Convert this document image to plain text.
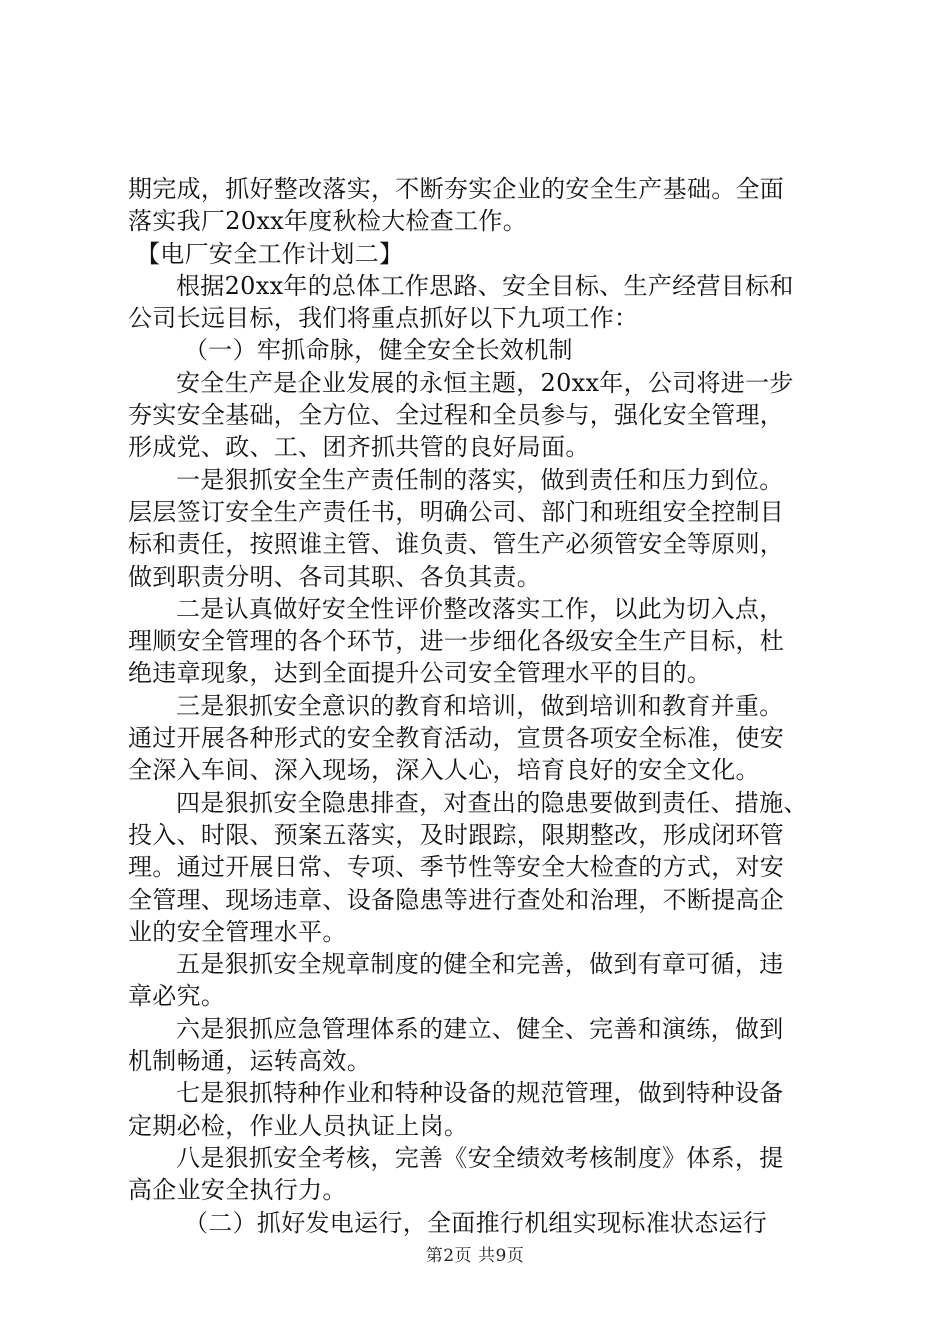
期完成，抓好整改落实，不断夯实企业的安全生产基础。全面
落实我厂20xx年度秋检大检查工作。
【电厂安全工作计划二】
根据20xx年的总体工作思路、安全目标、生产经营目标和
公司长远目标，我们将重点抓好以下九项工作：
（一）牢抓命脉，健全安全长效机制
安全生产是企业发展的永恒主题，20xx年，公司将进一步
夯实安全基础，全方位、全过程和全员参与，强化安全管理，
形成党、政、工、团齐抓共管的良好局面。
一是狠抓安全生产责任制的落实，做到责任和压力到位。
层层签订安全生产责任书，明确公司、部门和班组安全控制目
标和责任，按照谁主管、谁负责、管生产必须管安全等原则，
做到职责分明、各司其职、各负其责。
二是认真做好安全性评价整改落实工作，以此为切入点，
理顺安全管理的各个环节，进一步细化各级安全生产目标，杜
绝违章现象，达到全面提升公司安全管理水平的目的。
三是狠抓安全意识的教育和培训，做到培训和教育并重。
通过开展各种形式的安全教育活动，宣贯各项安全标准，使安
全深入车间、深入现场，深入人心，培育良好的安全文化。
四是狠抓安全隐患排查，对查出的隐患要做到责任、措施、
投入、时限、预案五落实，及时跟踪，限期整改，形成闭环管
理。通过开展日常、专项、季节性等安全大检查的方式，对安
全管理、现场违章、设备隐患等进行查处和治理，不断提高企
业的安全管理水平。
五是狠抓安全规章制度的健全和完善，做到有章可循，违
章必究。
六是狠抓应急管理体系的建立、健全、完善和演练，做到
机制畅通，运转高效。
七是狠抓特种作业和特种设备的规范管理，做到特种设备
定期必检，作业人员执证上岗。
八是狠抓安全考核，完善《安全绩效考核制度》体系，提
高企业安全执行力。
（二）抓好发电运行，全面推行机组实现标准状态运行
第2页 共9页
